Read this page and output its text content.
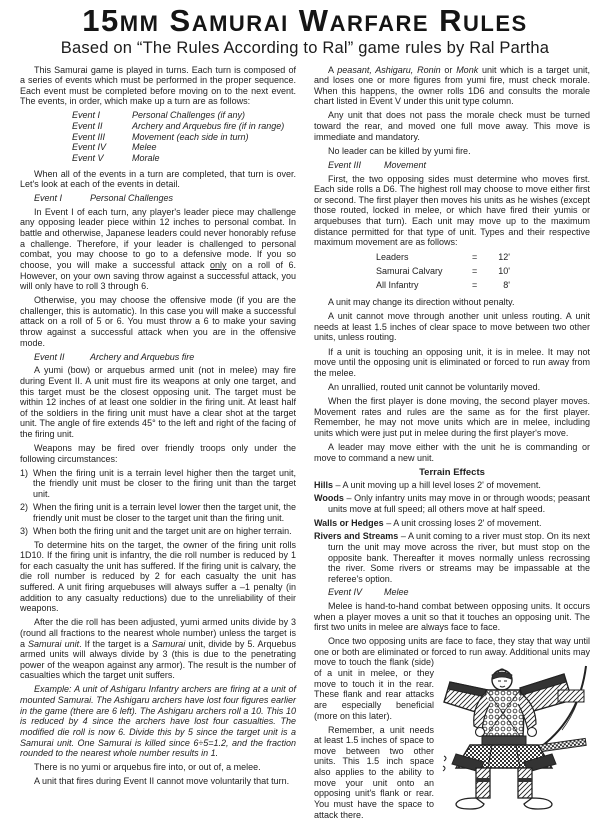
15mm Samurai Warfare Rules
Based on “The Rules According to Ral” game rules by Ral Partha

This Samurai game is played in turns. Each turn is composed of a series of events which must be performed in the proper sequence. Each event must be completed before moving on to the next event. The events, in order, which make up a turn are as follows:

Event I	Personal Challenges (if any)
Event II	Archery and Arquebus fire (if in range)
Event III	Movement (each side in turn)
Event IV	Melee
Event V	Morale

When all of the events in a turn are completed, that turn is over. Let's look at each of the events in detail.

Event I	Personal Challenges

In Event I of each turn, any player's leader piece may challenge any opposing leader piece within 12 inches to personal combat. In battle and otherwise, Japanese leaders could never honorably refuse a challenge. Therefore, if your leader is challenged to personal combat, you may choose to go to a defensive mode. If you so choose, you will make a successful attack only on a roll of 6. However, on your own saving throw against a successful attack, you will only have to roll 3 through 6.

Otherwise, you may choose the offensive mode (if you are the challenger, this is automatic). In this case you will make a successful attack on a roll of 5 or 6. You must throw a 6 to make your saving throw against a successful attack when you are in the offensive mode.

Event II	Archery and Arquebus fire

A yumi (bow) or arquebus armed unit (not in melee) may fire during Event II. A unit must fire its weapons at only one target, and this target must be the closest opposing unit. The target must be within 12 inches of at least one soldier in the firing unit. At least half of the soldiers in the firing unit must have a clear shot at the target unit. The angle of fire extends 45° to the left and right of the facing of the firing unit.

Weapons may be fired over friendly troops only under the following circumstances:

1) When the firing unit is a terrain level higher then the target unit, the friendly unit must be closer to the firing unit than the target unit.
2) When the firing unit is a terrain level lower then the target unit, the friendly unit must be closer to the target unit than the firing unit.
3) When both the firing unit and the target unit are on higher terrain.

To determine hits on the target, the owner of the firing unit rolls 1D10. If the firing unit is infantry, the die roll number is reduced by 1 for each casualty the unit has suffered. If the firing unit is calvary, the die roll number is reduced by 2 for each casualty the unit has suffered. A unit firing arquebuses will always suffer a –1 penalty (in addition to any casualty reductions) due to the unreliability of their weapons.

After the die roll has been adjusted, yumi armed units divide by 3 (round all fractions to the nearest whole number) unless the target is a Samurai unit. If the target is a Samurai unit, divide by 5. Arquebus armed units will always divide by 3 (this is due to the penetrating power of the weapon against any armor). The result is the number of casualties which the target unit suffers.

Example: A unit of Ashigaru Infantry archers are firing at a unit of mounted Samurai. The Ashigaru archers have lost four figures earlier in the game (there are 6 left). The Ashigaru archers roll a 10. This 10 is reduced by 4 since the archers have lost four casualties. The modified die roll is now 6. Divide this by 5 since the target unit is a Samurai unit. One Samurai is killed since 6÷5=1.2, and the fraction rounded to the nearest whole number results in 1.

There is no yumi or arquebus fire into, or out of, a melee.

A unit that fires during Event II cannot move voluntarily that turn.

A peasant, Ashigaru, Ronin or Monk unit which is a target unit, and loses one or more figures from yumi fire, must check morale. When this happens, the owner rolls 1D6 and consults the morale chart listed in Event V under this unit type column.

Any unit that does not pass the morale check must be turned toward the rear, and moved one full move away. This move is immediate and mandatory.

No leader can be killed by yumi fire.

Event III	Movement

First, the two opposing sides must determine who moves first. Each side rolls a D6. The highest roll may choose to move either first or second. The first player then moves his units as he wishes (except those routed, locked in melee, or which have fired their yumis or arquebuses that turn). Each unit may move up to the maximum distance permitted for that type of unit. Types and their respective maximum movement are as follows:

Leaders	=	12'
Samurai Calvary	=	10'
All Infantry	=	8'

A unit may change its direction without penalty.

A unit cannot move through another unit unless routing. A unit needs at least 1.5 inches of clear space to move between two other units, unless routing.

If a unit is touching an opposing unit, it is in melee. It may not move until the opposing unit is eliminated or forced to run away from the melee.

An unrallied, routed unit cannot be voluntarily moved.

When the first player is done moving, the second player moves. Movement rates and rules are the same as for the first player. Remember, he may not move units which are in melee, including units which were just put in melee during the first player's move.

A leader may move either with the unit he is commanding or move to command a new unit.

Terrain Effects

Hills – A unit moving up a hill level loses 2' of movement.

Woods – Only infantry units may move in or through woods; peasant units move at full speed; all others move at half speed.

Walls or Hedges – A unit crossing loses 2' of movement.

Rivers and Streams – A unit coming to a river must stop. On its next turn the unit may move across the river, but must stop on the opposite bank. Thereafter it moves normally unless recrossing the river. Some rivers or streams may be impassable at the referee's option.

Event IV Melee

Melee is hand-to-hand combat between opposing units. It occurs when a player moves a unit so that it touches an opposing unit. The first two units in melee are always face to face.

Once two opposing units are face to face, they stay that way until one or both are eliminated or forced to run away. Additional units may move to touch the flank (side) of a unit in melee, or they move to touch it in the rear. These flank and rear attacks are especially beneficial (more on this later).

Remember, a unit needs at least 1.5 inches of space to move between two other units. This 1.5 inch space also applies to the ability to move your unit onto an opposing unit's flank or rear. You must have the space to attack there.
